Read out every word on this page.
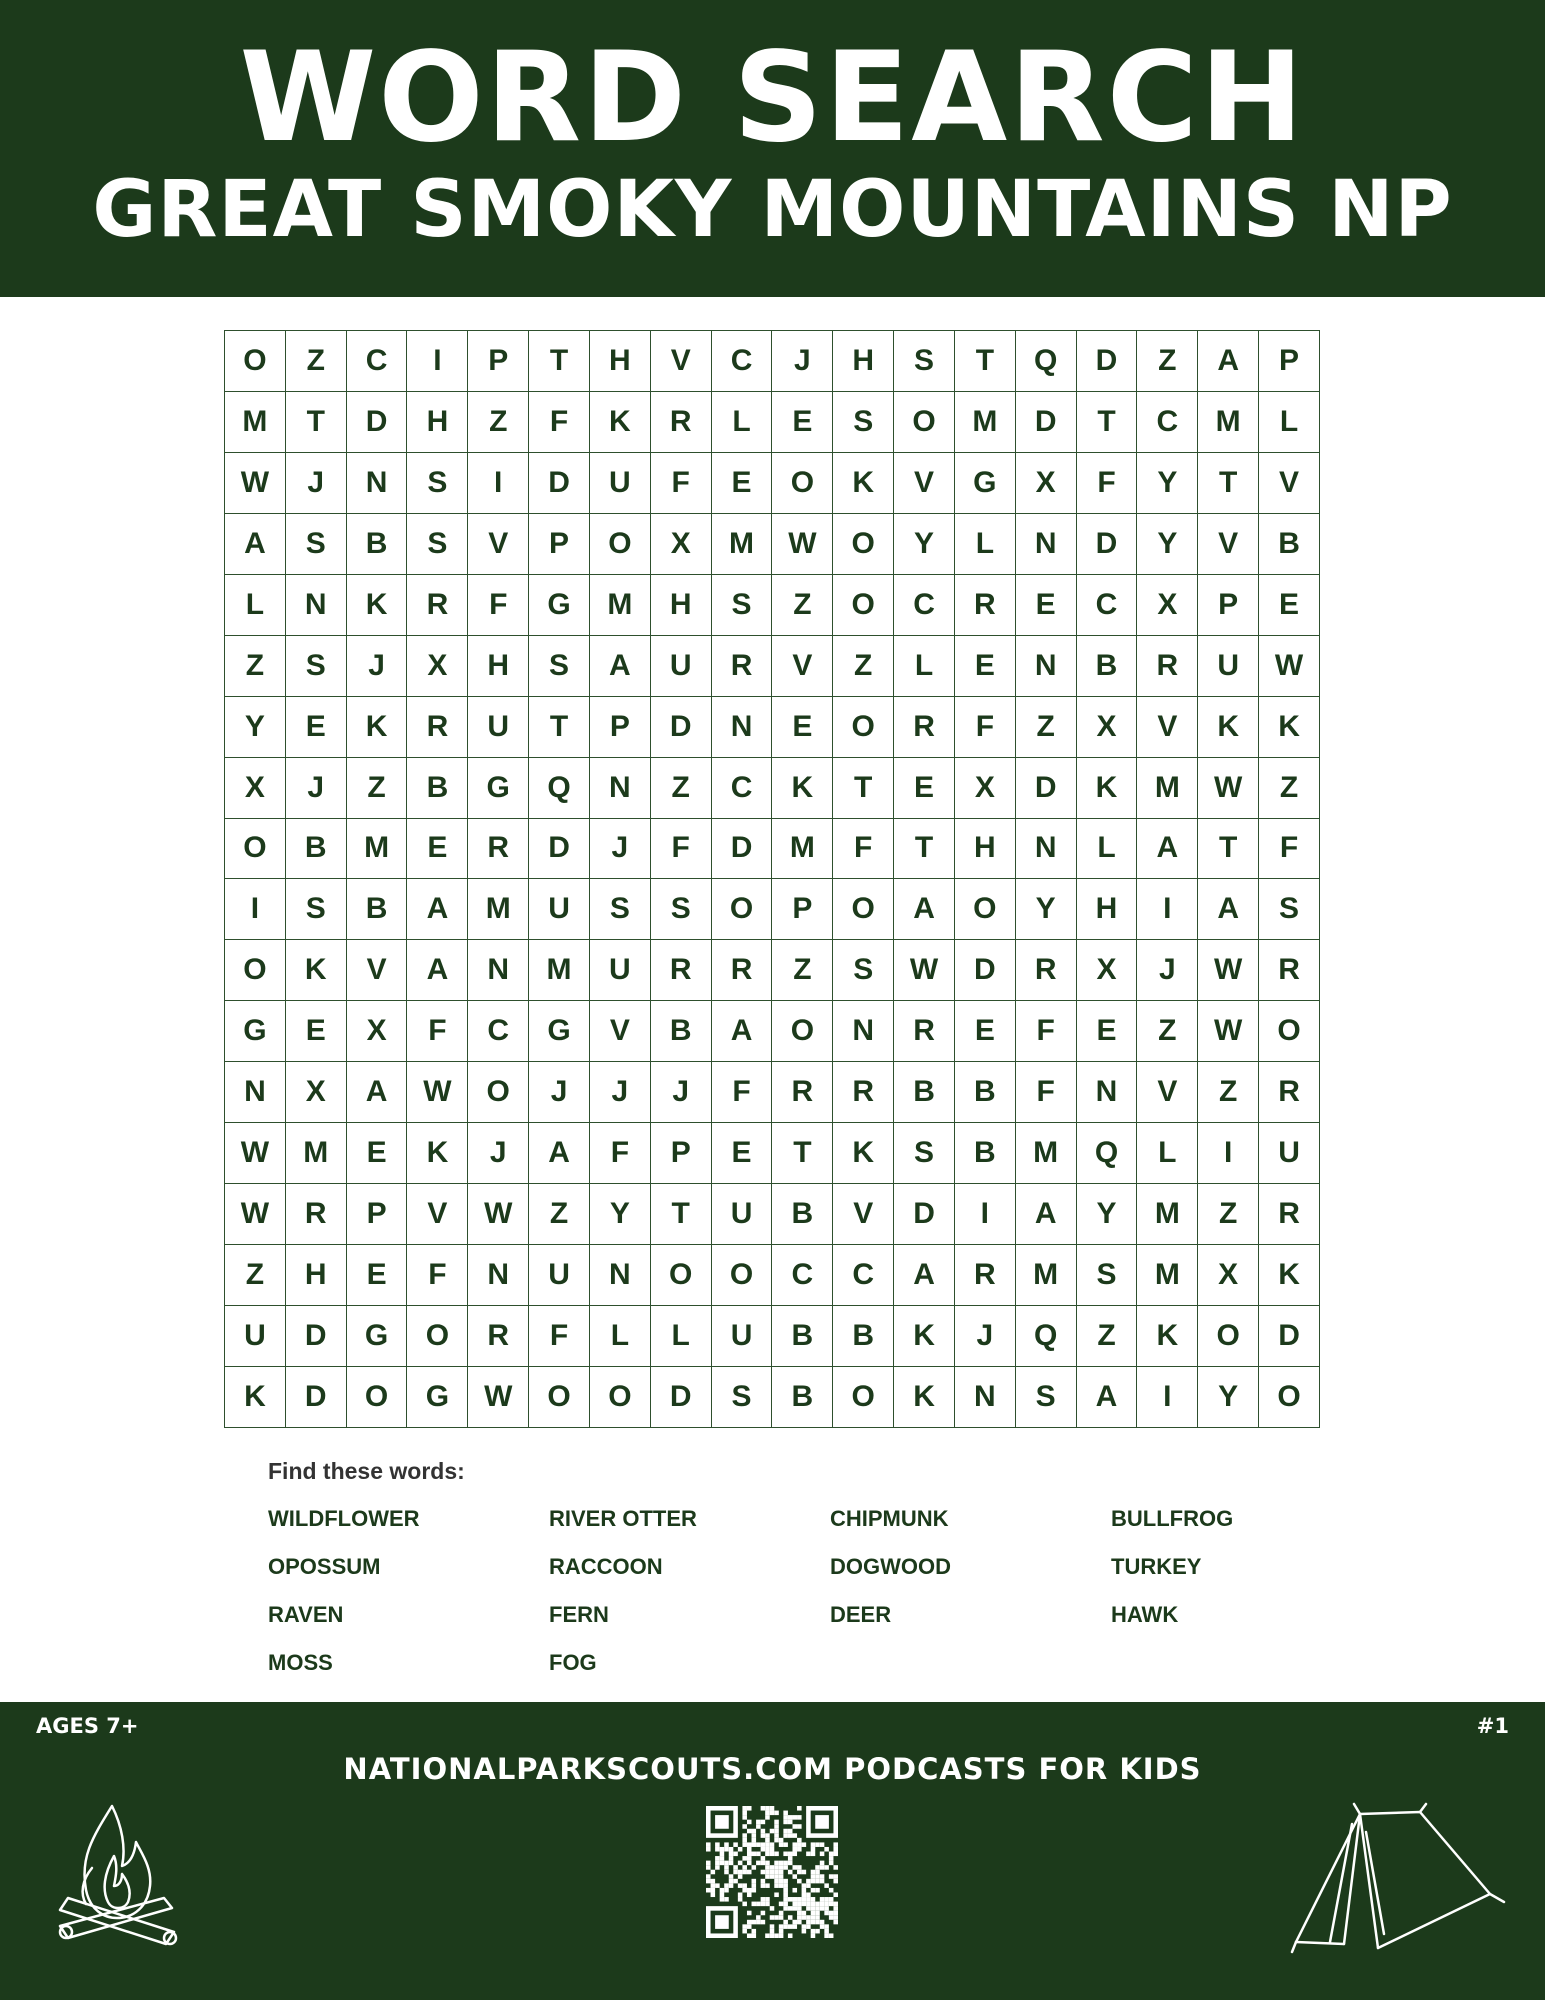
WORD SEARCH
GREAT SMOKY MOUNTAINS NP
O	Z	C	I	P	T	H	V	C	J	H	S	T	Q	D	Z	A	P
M	T	D	H	Z	F	K	R	L	E	S	O	M	D	T	C	M	L
W	J	N	S	I	D	U	F	E	O	K	V	G	X	F	Y	T	V
A	S	B	S	V	P	O	X	M	W	O	Y	L	N	D	Y	V	B
L	N	K	R	F	G	M	H	S	Z	O	C	R	E	C	X	P	E
Z	S	J	X	H	S	A	U	R	V	Z	L	E	N	B	R	U	W
Y	E	K	R	U	T	P	D	N	E	O	R	F	Z	X	V	K	K
X	J	Z	B	G	Q	N	Z	C	K	T	E	X	D	K	M	W	Z
O	B	M	E	R	D	J	F	D	M	F	T	H	N	L	A	T	F
I	S	B	A	M	U	S	S	O	P	O	A	O	Y	H	I	A	S
O	K	V	A	N	M	U	R	R	Z	S	W	D	R	X	J	W	R
G	E	X	F	C	G	V	B	A	O	N	R	E	F	E	Z	W	O
N	X	A	W	O	J	J	J	F	R	R	B	B	F	N	V	Z	R
W	M	E	K	J	A	F	P	E	T	K	S	B	M	Q	L	I	U
W	R	P	V	W	Z	Y	T	U	B	V	D	I	A	Y	M	Z	R
Z	H	E	F	N	U	N	O	O	C	C	A	R	M	S	M	X	K
U	D	G	O	R	F	L	L	U	B	B	K	J	Q	Z	K	O	D
K	D	O	G	W	O	O	D	S	B	O	K	N	S	A	I	Y	O
Find these words:
WILDFLOWER	RIVER OTTER	CHIPMUNK	BULLFROG
OPOSSUM	RACCOON	DOGWOOD	TURKEY
RAVEN	FERN	DEER	HAWK
MOSS	FOG
AGES 7+	#1
NATIONALPARKSCOUTS.COM PODCASTS FOR KIDS
